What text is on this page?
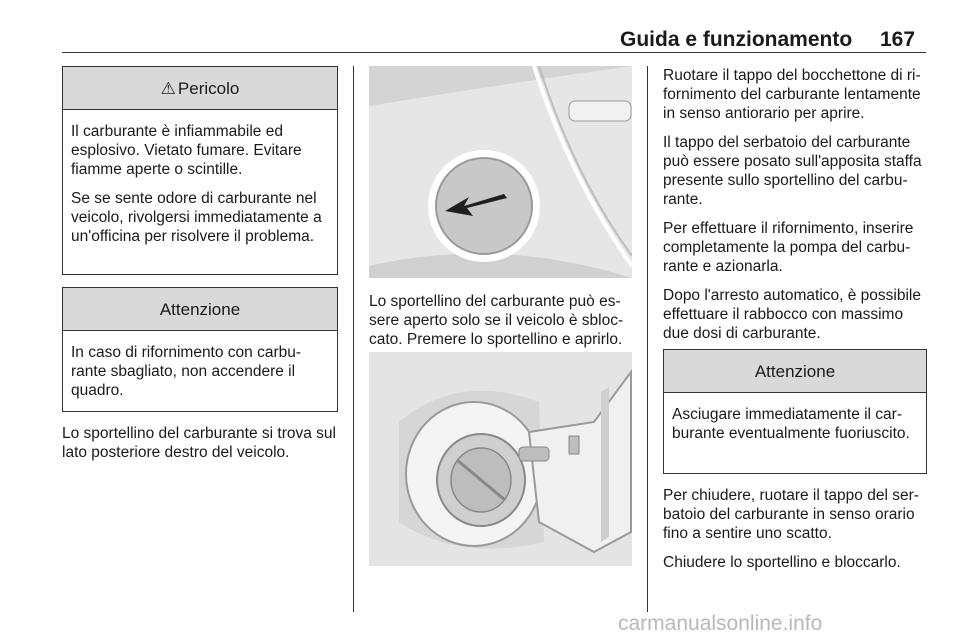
Guida e funzionamento 167
⚠ Pericolo

Il carburante è infiammabile ed esplosivo. Vietato fumare. Evitare fiamme aperte o scintille.

Se se sente odore di carburante nel veicolo, rivolgersi immediatamente a un'officina per risolvere il problema.

Attenzione

In caso di rifornimento con carburante sbagliato, non accendere il quadro.

Lo sportellino del carburante si trova sul lato posteriore destro del veicolo.

Lo sportellino del carburante può essere aperto solo se il veicolo è sbloccato. Premere lo sportellino e aprirlo.

Ruotare il tappo del bocchettone di rifornimento del carburante lentamente in senso antiorario per aprire.

Il tappo del serbatoio del carburante può essere posato sull'apposita staffa presente sullo sportellino del carburante.

Per effettuare il rifornimento, inserire completamente la pompa del carburante e azionarla.

Dopo l'arresto automatico, è possibile effettuare il rabbocco con massimo due dosi di carburante.

Attenzione

Asciugare immediatamente il carburante eventualmente fuoriuscito.

Per chiudere, ruotare il tappo del serbatoio del carburante in senso orario fino a sentire uno scatto.

Chiudere lo sportellino e bloccarlo.

carmanualsonline.info
